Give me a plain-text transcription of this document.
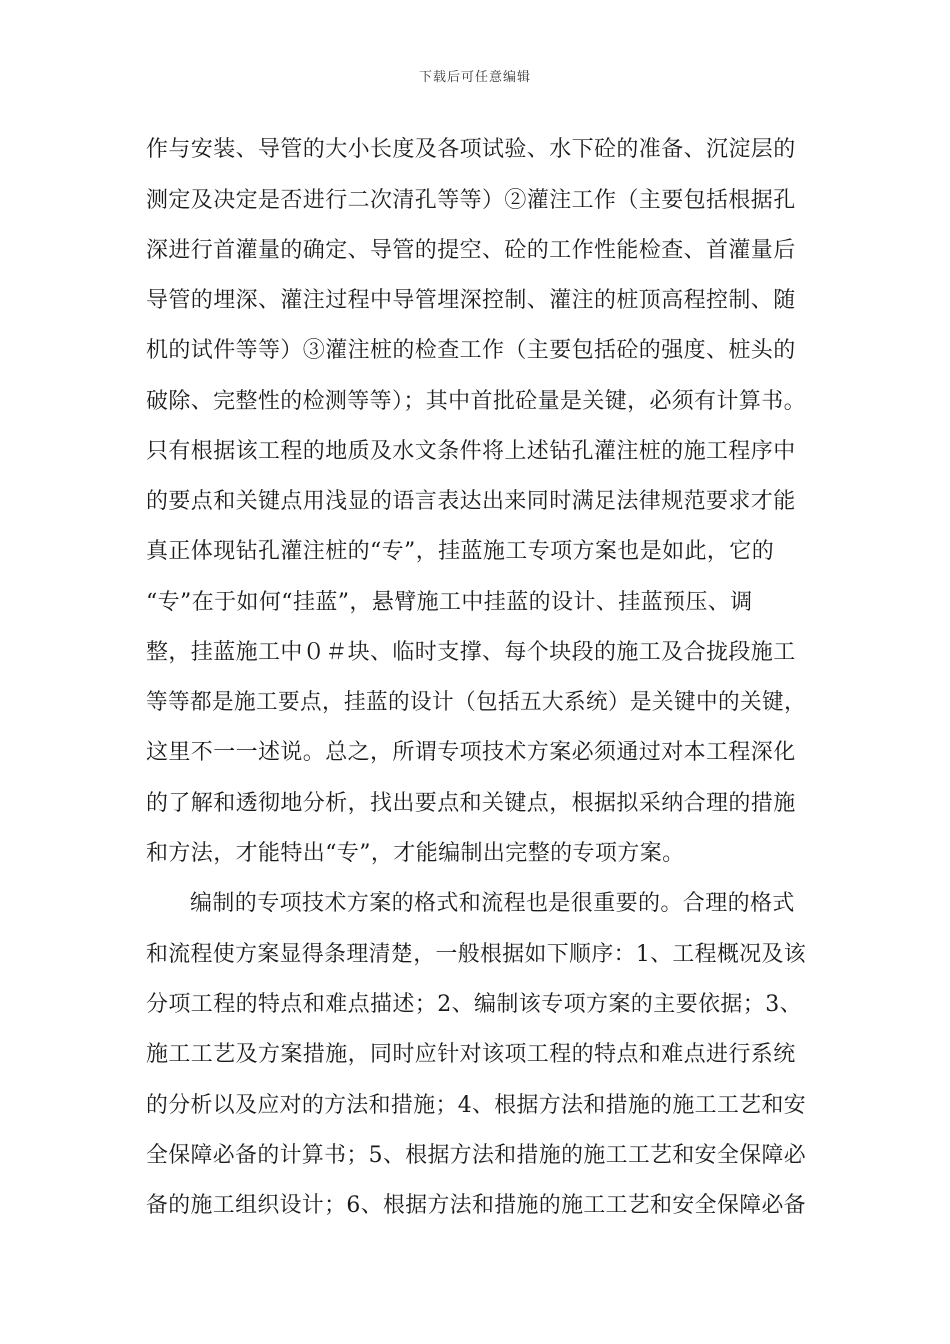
下载后可任意编辑
作与安装、导管的大小长度及各项试验、水下砼的准备、沉淀层的
测定及决定是否进行二次清孔等等）②灌注工作（主要包括根据孔
深进行首灌量的确定、导管的提空、砼的工作性能检查、首灌量后
导管的埋深、灌注过程中导管埋深控制、灌注的桩顶高程控制、随
机的试件等等）③灌注桩的检查工作（主要包括砼的强度、桩头的
破除、完整性的检测等等）；其中首批砼量是关键，必须有计算书。
只有根据该工程的地质及水文条件将上述钻孔灌注桩的施工程序中
的要点和关键点用浅显的语言表达出来同时满足法律规范要求才能
真正体现钻孔灌注桩的“专”，挂蓝施工专项方案也是如此，它的
“专”在于如何“挂蓝”，悬臂施工中挂蓝的设计、挂蓝预压、调
整，挂蓝施工中０＃块、临时支撑、每个块段的施工及合拢段施工
等等都是施工要点，挂蓝的设计（包括五大系统）是关键中的关键，
这里不一一述说。总之，所谓专项技术方案必须通过对本工程深化
的了解和透彻地分析，找出要点和关键点，根据拟采纳合理的措施
和方法，才能特出“专”，才能编制出完整的专项方案。
编制的专项技术方案的格式和流程也是很重要的。合理的格式
和流程使方案显得条理清楚，一般根据如下顺序：1、工程概况及该
分项工程的特点和难点描述；2、编制该专项方案的主要依据；3、
施工工艺及方案措施，同时应针对该项工程的特点和难点进行系统
的分析以及应对的方法和措施；4、根据方法和措施的施工工艺和安
全保障必备的计算书；5、根据方法和措施的施工工艺和安全保障必
备的施工组织设计；6、根据方法和措施的施工工艺和安全保障必备
